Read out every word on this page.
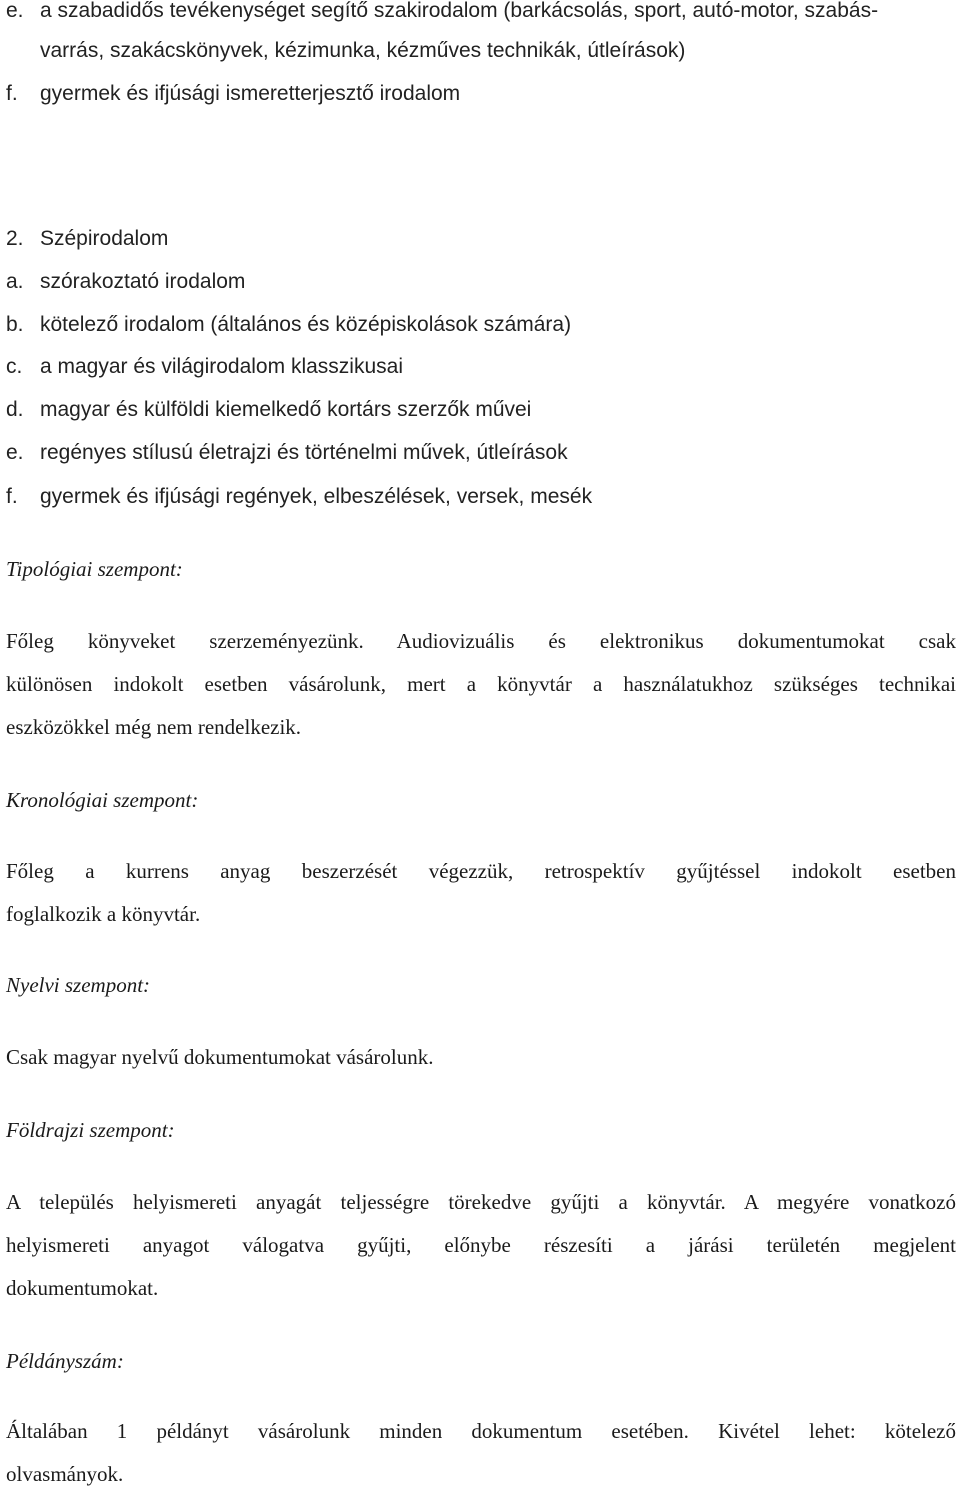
e. a szabadidős tevékenységet segítő szakirodalom (barkácsolás, sport, autó-motor, szabás-
varrás, szakácskönyvek, kézimunka, kézműves technikák, útleírások)
f. gyermek és ifjúsági ismeretterjesztő irodalom
2. Szépirodalom
a. szórakoztató irodalom
b. kötelező irodalom (általános és középiskolások számára)
c. a magyar és világirodalom klasszikusai
d. magyar és külföldi kiemelkedő kortárs szerzők művei
e. regényes stílusú életrajzi és történelmi művek, útleírások
f. gyermek és ifjúsági regények, elbeszélések, versek, mesék
Tipológiai szempont:
Főleg könyveket szerzeményezünk. Audiovizuális és elektronikus dokumentumokat csak
különösen indokolt esetben vásárolunk, mert a könyvtár a használatukhoz szükséges technikai
eszközökkel még nem rendelkezik.
Kronológiai szempont:
Főleg a kurrens anyag beszerzését végezzük, retrospektív gyűjtéssel indokolt esetben
foglalkozik a könyvtár.
Nyelvi szempont:
Csak magyar nyelvű dokumentumokat vásárolunk.
Földrajzi szempont:
A település helyismereti anyagát teljességre törekedve gyűjti a könyvtár. A megyére vonatkozó
helyismereti anyagot válogatva gyűjti, előnybe részesíti a járási területén megjelent
dokumentumokat.
Példányszám:
Általában 1 példányt vásárolunk minden dokumentum esetében. Kivétel lehet: kötelező
olvasmányok.
